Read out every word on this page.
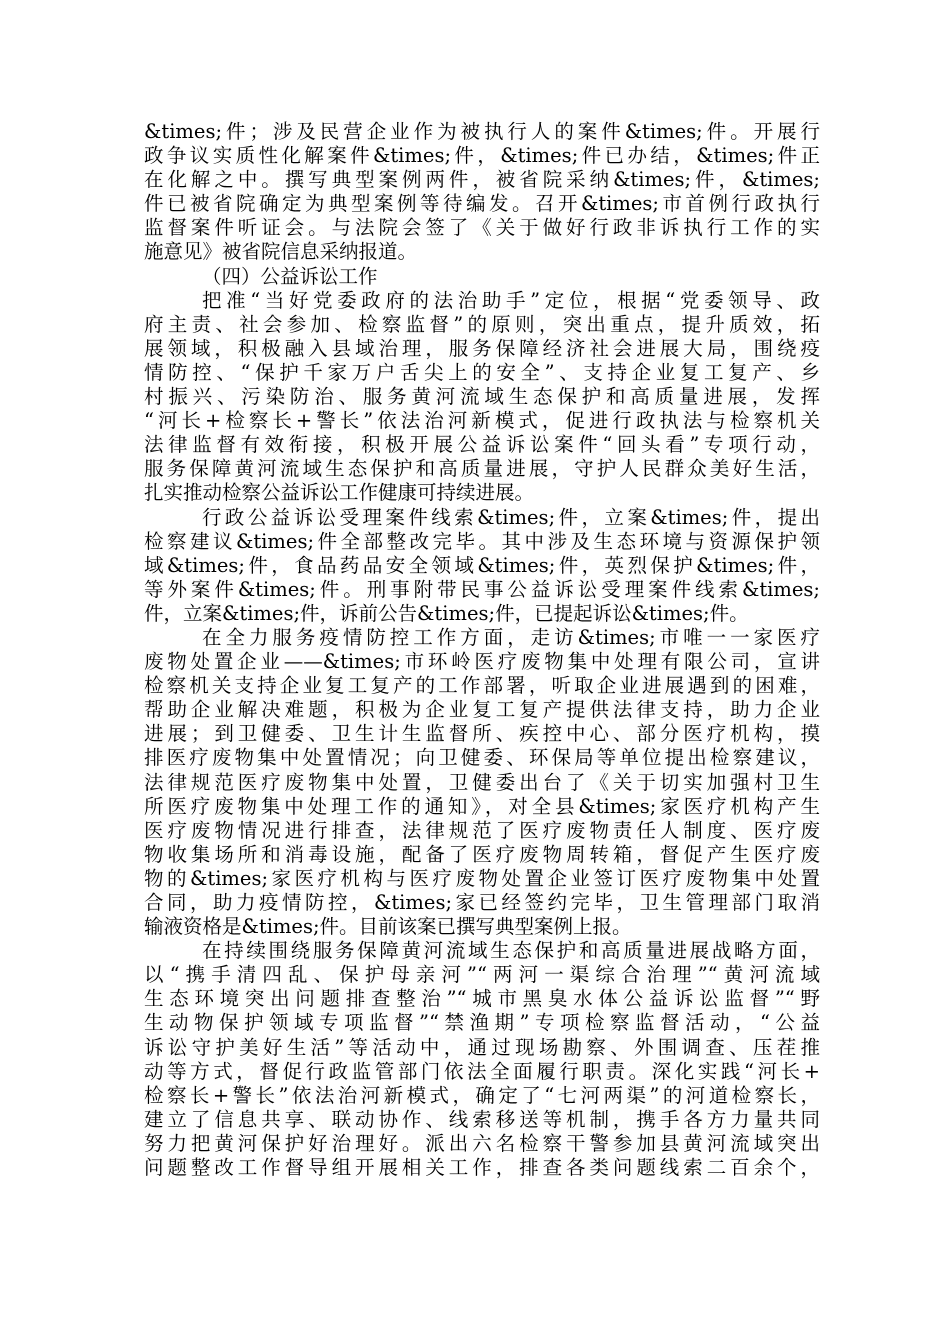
&times;件；涉及民营企业作为被执行人的案件&times;件。开展行
政争议实质性化解案件&times;件，&times;件已办结，&times;件正
在化解之中。撰写典型案例两件，被省院采纳&times;件，&times;
件已被省院确定为典型案例等待编发。召开&times;市首例行政执行
监督案件听证会。与法院会签了《关于做好行政非诉执行工作的实
施意见》被省院信息采纳报道。
（四）公益诉讼工作
把准“当好党委政府的法治助手”定位，根据“党委领导、政
府主责、社会参加、检察监督”的原则，突出重点，提升质效，拓
展领域，积极融入县域治理，服务保障经济社会进展大局，围绕疫
情防控、“保护千家万户舌尖上的安全”、支持企业复工复产、乡
村振兴、污染防治、服务黄河流域生态保护和高质量进展，发挥
“河长+检察长+警长”依法治河新模式，促进行政执法与检察机关
法律监督有效衔接，积极开展公益诉讼案件“回头看”专项行动，
服务保障黄河流域生态保护和高质量进展，守护人民群众美好生活，
扎实推动检察公益诉讼工作健康可持续进展。
行政公益诉讼受理案件线索&times;件，立案&times;件，提出
检察建议&times;件全部整改完毕。其中涉及生态环境与资源保护领
域&times;件，食品药品安全领域&times;件，英烈保护&times;件，
等外案件&times;件。刑事附带民事公益诉讼受理案件线索&times;
件，立案&times;件，诉前公告&times;件，已提起诉讼&times;件。
在全力服务疫情防控工作方面，走访&times;市唯一一家医疗
废物处置企业——&times;市环岭医疗废物集中处理有限公司，宣讲
检察机关支持企业复工复产的工作部署，听取企业进展遇到的困难，
帮助企业解决难题，积极为企业复工复产提供法律支持，助力企业
进展；到卫健委、卫生计生监督所、疾控中心、部分医疗机构，摸
排医疗废物集中处置情况；向卫健委、环保局等单位提出检察建议，
法律规范医疗废物集中处置，卫健委出台了《关于切实加强村卫生
所医疗废物集中处理工作的通知》，对全县&times;家医疗机构产生
医疗废物情况进行排查，法律规范了医疗废物责任人制度、医疗废
物收集场所和消毒设施，配备了医疗废物周转箱，督促产生医疗废
物的&times;家医疗机构与医疗废物处置企业签订医疗废物集中处置
合同，助力疫情防控，&times;家已经签约完毕，卫生管理部门取消
输液资格是&times;件。目前该案已撰写典型案例上报。
在持续围绕服务保障黄河流域生态保护和高质量进展战略方面，
以“携手清四乱、保护母亲河”“两河一渠综合治理”“黄河流域
生态环境突出问题排查整治”“城市黑臭水体公益诉讼监督”“野
生动物保护领域专项监督”“禁渔期”专项检察监督活动，“公益
诉讼守护美好生活”等活动中，通过现场勘察、外围调查、压茬推
动等方式，督促行政监管部门依法全面履行职责。深化实践“河长+
检察长+警长”依法治河新模式，确定了“七河两渠”的河道检察长，
建立了信息共享、联动协作、线索移送等机制，携手各方力量共同
努力把黄河保护好治理好。派出六名检察干警参加县黄河流域突出
问题整改工作督导组开展相关工作，排查各类问题线索二百余个，
